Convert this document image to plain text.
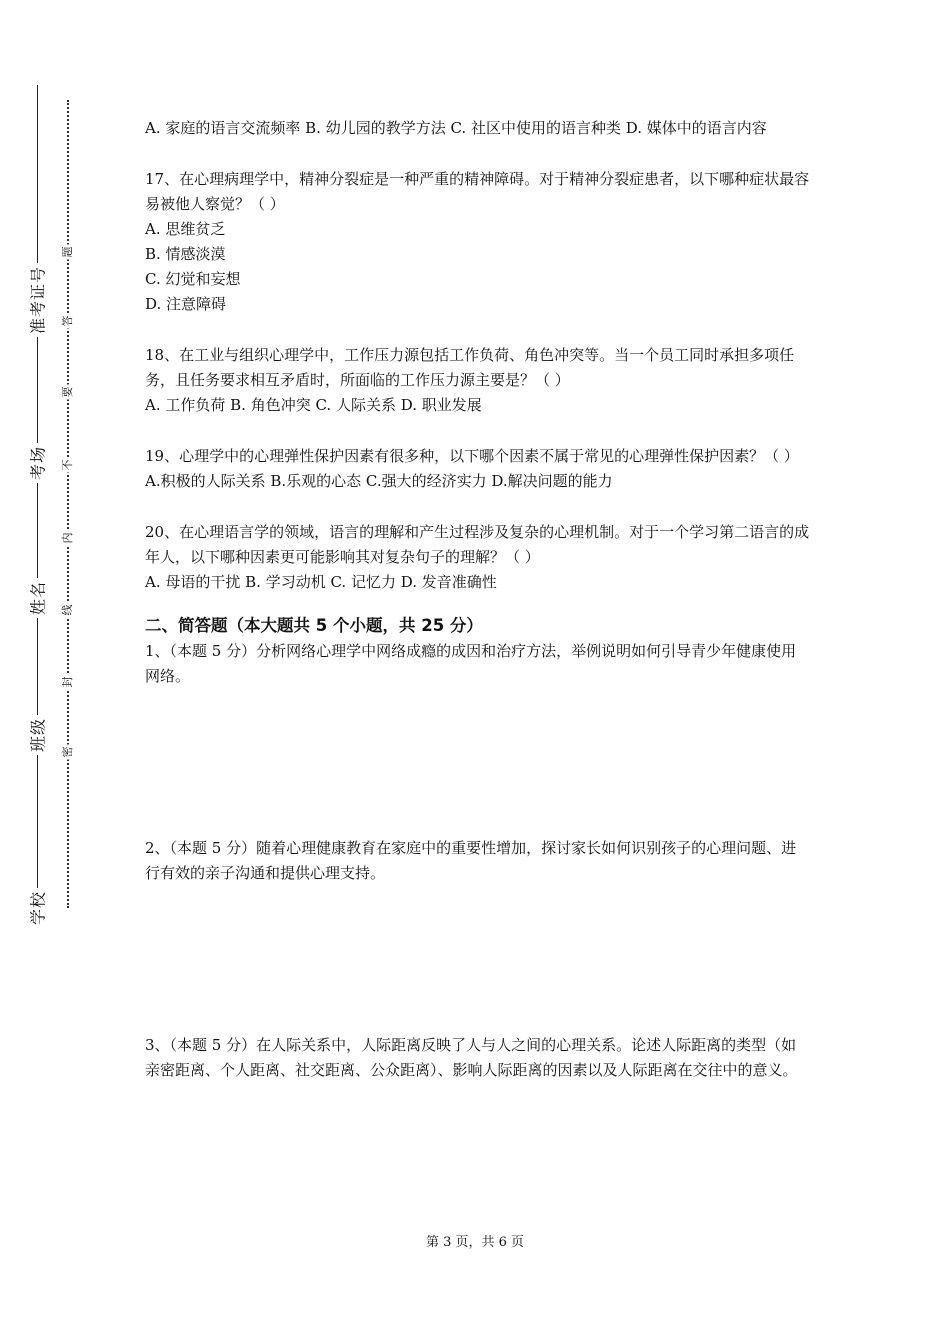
准考证号
考场
姓名
班级
学校
题
答
要
不
内
线
封
密

A. 家庭的语言交流频率 B. 幼儿园的教学方法 C. 社区中使用的语言种类 D. 媒体中的语言内容

17、在心理病理学中，精神分裂症是一种严重的精神障碍。对于精神分裂症患者，以下哪种症状最容易被他人察觉？（ ）

A. 思维贫乏

B. 情感淡漠

C. 幻觉和妄想

D. 注意障碍

18、在工业与组织心理学中，工作压力源包括工作负荷、角色冲突等。当一个员工同时承担多项任务，且任务要求相互矛盾时，所面临的工作压力源主要是？（ ）

A. 工作负荷 B. 角色冲突 C. 人际关系 D. 职业发展

19、心理学中的心理弹性保护因素有很多种，以下哪个因素不属于常见的心理弹性保护因素？（ ）

A.积极的人际关系 B.乐观的心态 C.强大的经济实力 D.解决问题的能力

20、在心理语言学的领域，语言的理解和产生过程涉及复杂的心理机制。对于一个学习第二语言的成年人，以下哪种因素更可能影响其对复杂句子的理解？（ ）

A. 母语的干扰 B. 学习动机 C. 记忆力 D. 发音准确性

二、简答题（本大题共 5 个小题，共 25 分）

1、（本题 5 分）分析网络心理学中网络成瘾的成因和治疗方法，举例说明如何引导青少年健康使用网络。

2、（本题 5 分）随着心理健康教育在家庭中的重要性增加，探讨家长如何识别孩子的心理问题、进行有效的亲子沟通和提供心理支持。

3、（本题 5 分）在人际关系中，人际距离反映了人与人之间的心理关系。论述人际距离的类型（如亲密距离、个人距离、社交距离、公众距离）、影响人际距离的因素以及人际距离在交往中的意义。

第 3 页，共 6 页
